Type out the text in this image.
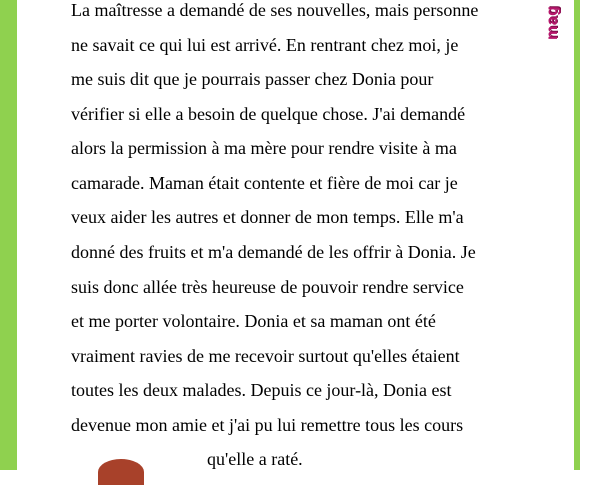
mag
La maîtresse a demandé de ses nouvelles, mais personne
ne savait ce qui lui est arrivé. En rentrant chez moi, je
me suis dit que je pourrais passer chez Donia pour
vérifier si elle a besoin de quelque chose. J'ai demandé
alors la permission à ma mère pour rendre visite à ma
camarade. Maman était contente et fière de moi car je
veux aider les autres et donner de mon temps. Elle m'a
donné des fruits et m'a demandé de les offrir à Donia. Je
suis donc allée très heureuse de pouvoir rendre service
et me porter volontaire. Donia et sa maman ont été
vraiment ravies de me recevoir surtout qu'elles étaient
toutes les deux malades. Depuis ce jour-là, Donia est
devenue mon amie et j'ai pu lui remettre tous les cours
qu'elle a raté.
